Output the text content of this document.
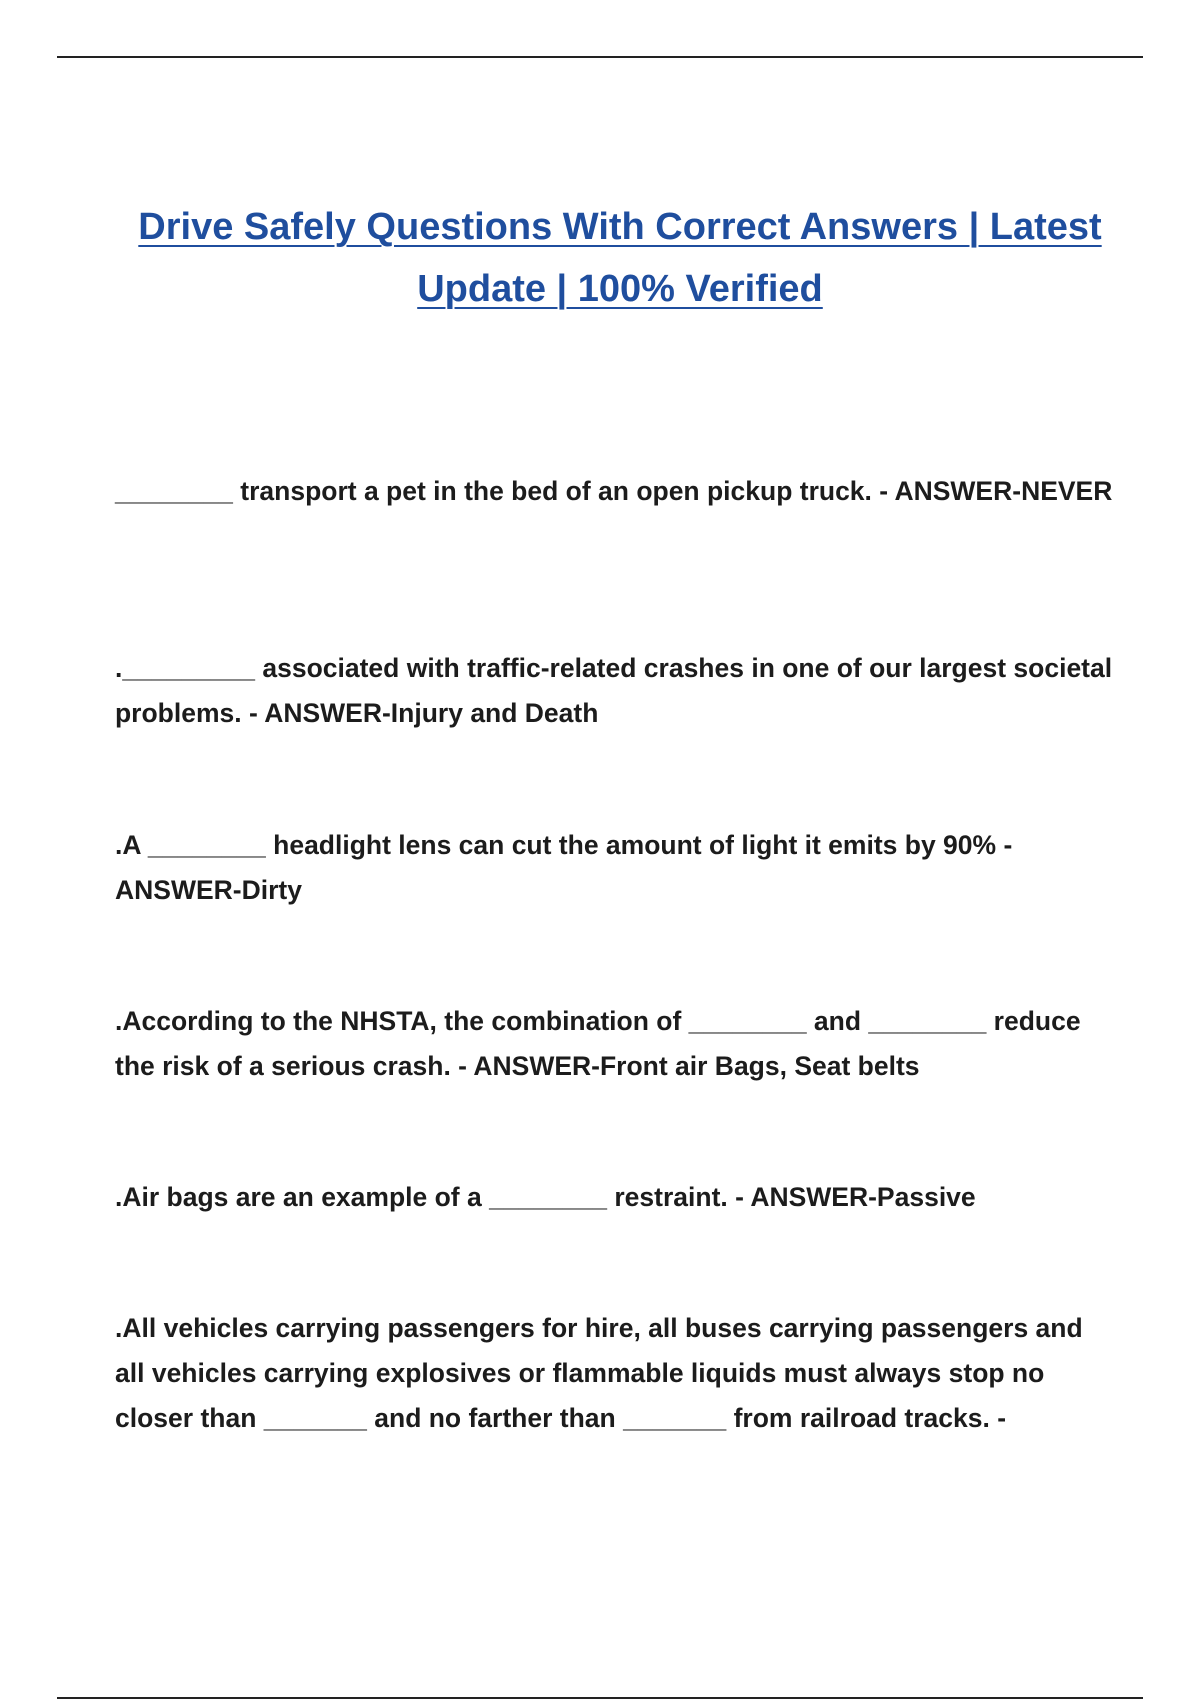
Drive Safely Questions With Correct Answers | Latest Update | 100% Verified

________ transport a pet in the bed of an open pickup truck. - ANSWER-NEVER

._________ associated with traffic-related crashes in one of our largest societal problems. - ANSWER-Injury and Death

.A ________ headlight lens can cut the amount of light it emits by 90% - ANSWER-Dirty

.According to the NHSTA, the combination of ________ and ________ reduce the risk of a serious crash. - ANSWER-Front air Bags, Seat belts

.Air bags are an example of a ________ restraint. - ANSWER-Passive

.All vehicles carrying passengers for hire, all buses carrying passengers and all vehicles carrying explosives or flammable liquids must always stop no closer than _______ and no farther than _______ from railroad tracks. -
